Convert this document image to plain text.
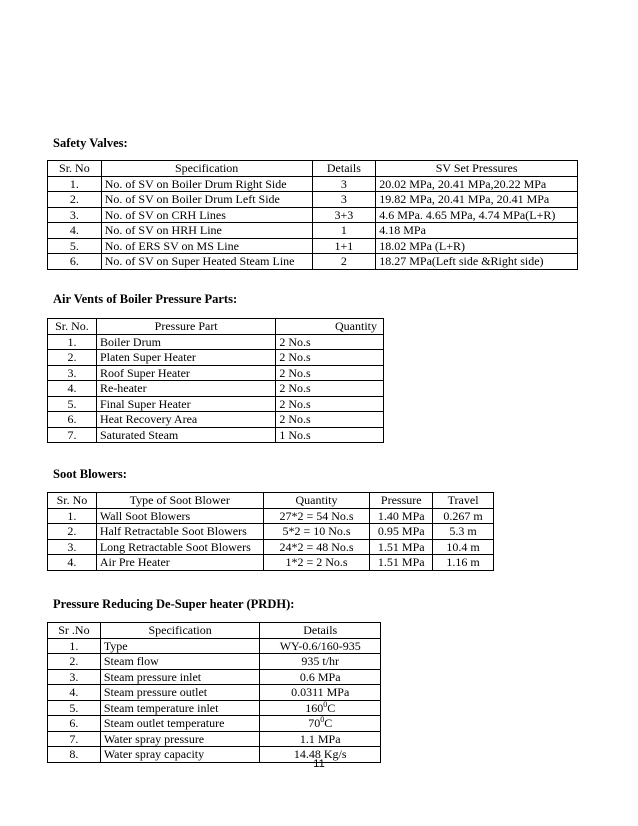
Safety Valves:

Sr. No	Specification	Details	SV Set Pressures
1.	No. of SV on Boiler Drum Right Side	3	20.02 MPa, 20.41 MPa,20.22 MPa
2.	No. of SV on Boiler Drum Left Side	3	19.82 MPa, 20.41 MPa, 20.41 MPa
3.	No. of SV on CRH Lines	3+3	4.6 MPa. 4.65 MPa, 4.74 MPa(L+R)
4.	No. of SV on HRH Line	1	4.18 MPa
5.	No. of ERS SV on MS Line	1+1	18.02 MPa (L+R)
6.	No. of SV on Super Heated Steam Line	2	18.27 MPa(Left side &Right side)

Air Vents of Boiler Pressure Parts:

Sr. No.	Pressure Part	Quantity
1.	Boiler Drum	2 No.s
2.	Platen Super Heater	2 No.s
3.	Roof Super Heater	2 No.s
4.	Re-heater	2 No.s
5.	Final Super Heater	2 No.s
6.	Heat Recovery Area	2 No.s
7.	Saturated Steam	1 No.s

Soot Blowers:

Sr. No	Type of Soot Blower	Quantity	Pressure	Travel
1.	Wall Soot Blowers	27*2 = 54 No.s	1.40 MPa	0.267 m
2.	Half Retractable Soot Blowers	5*2 = 10 No.s	0.95 MPa	5.3 m
3.	Long Retractable Soot Blowers	24*2 = 48 No.s	1.51 MPa	10.4 m
4.	Air Pre Heater	1*2 = 2 No.s	1.51 MPa	1.16 m

Pressure Reducing De-Super heater (PRDH):

Sr .No	Specification	Details
1.	Type	WY-0.6/160-935
2.	Steam flow	935 t/hr
3.	Steam pressure inlet	0.6 MPa
4.	Steam pressure outlet	0.0311 MPa
5.	Steam temperature inlet	$160^0C$
6.	Steam outlet temperature	$70^0C$
7.	Water spray pressure	1.1 MPa
8.	Water spray capacity	14.48 Kg/s
11
